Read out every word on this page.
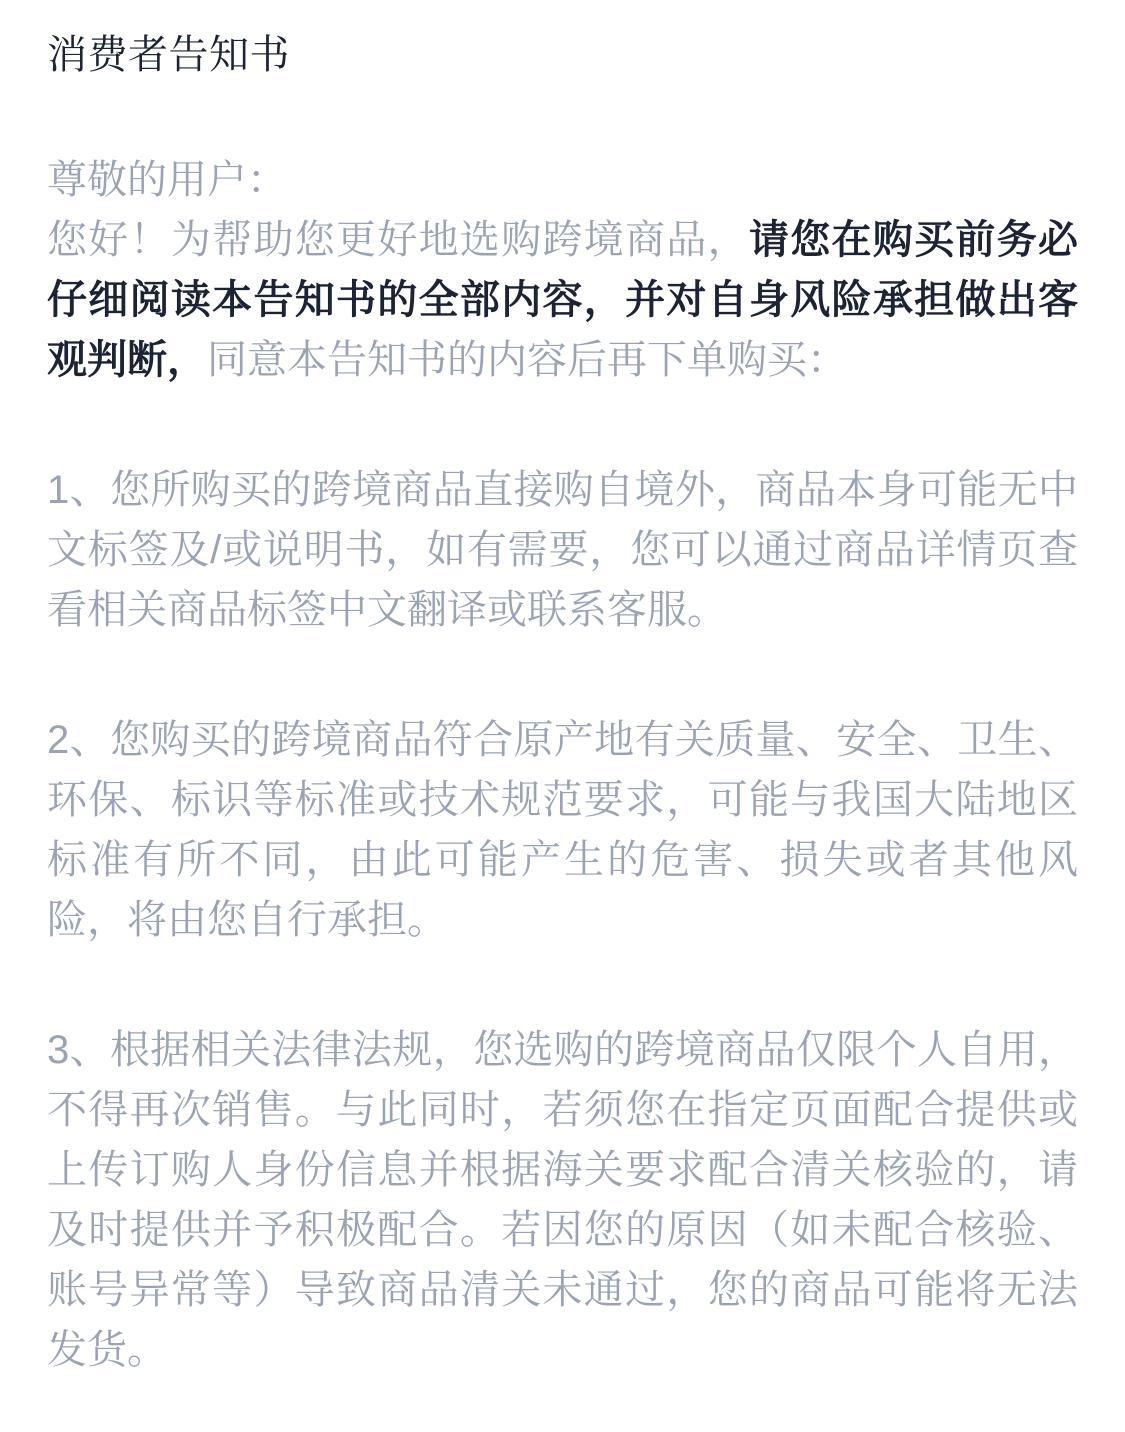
消费者告知书

尊敬的用户：
您好！为帮助您更好地选购跨境商品，请您在购买前务必仔细阅读本告知书的全部内容，并对自身风险承担做出客观判断，同意本告知书的内容后再下单购买：

1、您所购买的跨境商品直接购自境外，商品本身可能无中文标签及/或说明书，如有需要，您可以通过商品详情页查看相关商品标签中文翻译或联系客服。

2、您购买的跨境商品符合原产地有关质量、安全、卫生、环保、标识等标准或技术规范要求，可能与我国大陆地区标准有所不同，由此可能产生的危害、损失或者其他风险，将由您自行承担。

3、根据相关法律法规，您选购的跨境商品仅限个人自用，不得再次销售。与此同时，若须您在指定页面配合提供或上传订购人身份信息并根据海关要求配合清关核验的，请及时提供并予积极配合。若因您的原因（如未配合核验、账号异常等）导致商品清关未通过，您的商品可能将无法发货。
